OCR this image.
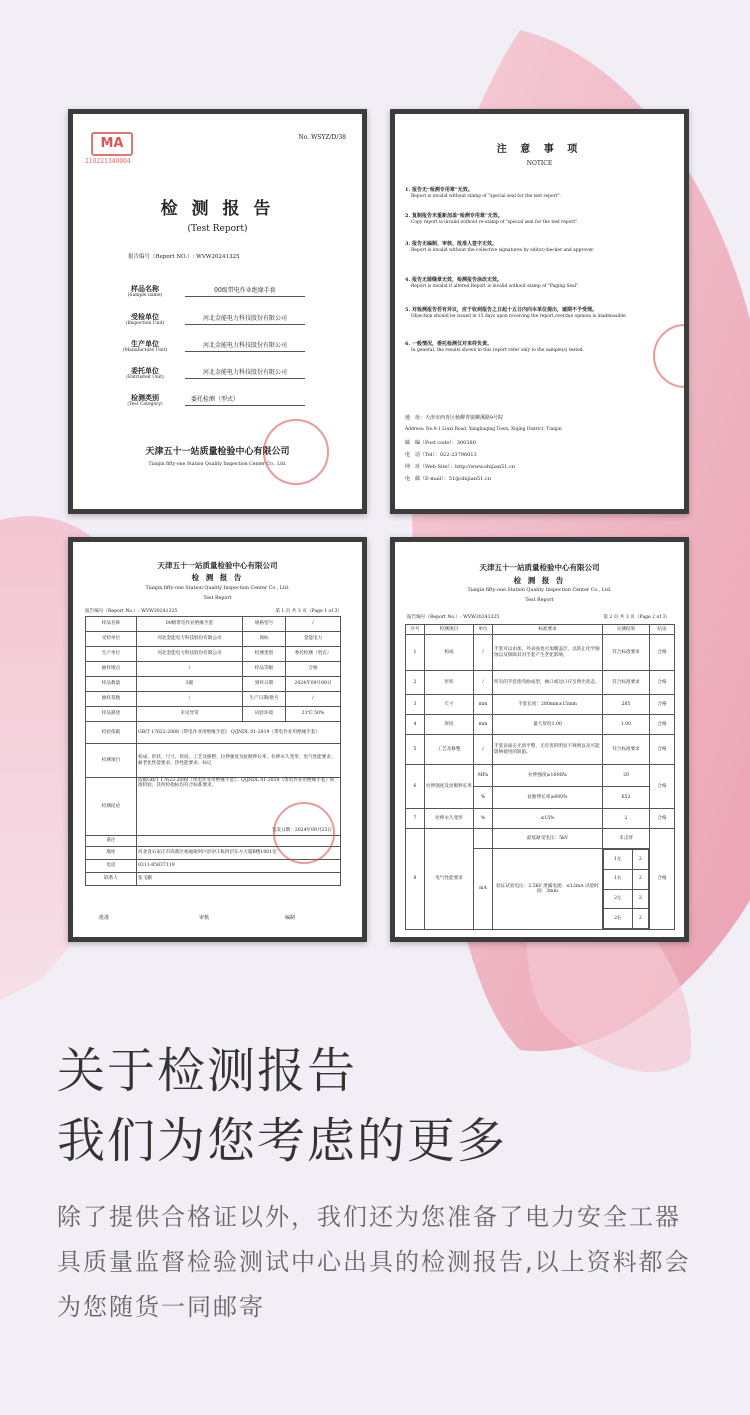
MA
210221340004
No. WSYZ/D/38
检 测 报 告
(Test Report)
报告编号（Report NO.）: WVW20241325
样品名称
(Sample name)
00级带电作业绝缘手套
受检单位
(Inspection Unit)
河北金能电力科技股份有限公司
生产单位
(Manufacture Unit)
河北金能电力科技股份有限公司
委托单位
(Entrusted Unit)
河北金能电力科技股份有限公司
检测类别
(Test Category)
委托检测（型式）
天津五十一站质量检验中心有限公司
Tianjin fifty-one Station Quality Inspection Center Co., Ltd.
注 意 事 项
NOTICE
1. 报告无“检测专用章”无效。
Report is invalid without stamp of "special seal for the test report".
2. 复制报告未重新加盖“检测专用章”无效。
Copy report is invalid without re-stamp of "special seal for the test report".
3. 报告无编制、审核、批准人签字无效。
Report is invalid without the collective signatures by editor,checker and approver.
4. 报告无骑缝章无效，检测报告涂改无效。
Report is invalid if altered.Report is invalid without stamp of "Paging Seal".
5. 对检测报告若有异议，应于收到报告之日起十五日内向本单位提出，逾期不予受理。
Objection should be issued in 15 days upon receiving the report,overdue opinion is inadmissible.
6. 一般情况，委托检测仅对来样负责。
In general, the results shown in this report refer only to the sample(s) tested.
地　址：天津市西青区杨柳青镇柳溪路9号院
Address: No.9-1 Liuxi Road, Yangliuqing Town, Xiqing District, Tianjin
邮　编（Post code）：300380
电　话（Tel）：022-23796013
网　址（Web Site）：http://www.shijian51.cn
电　邮（E-mail）：51@shijian51.cn
天津五十一站质量检验中心有限公司
检 测 报 告
Tianjin fifty-one Station Quality Inspection Center Co., Ltd.
Test Report
报告编号（Report No.）: WVW20241325	第 1 页 共 3 页（Page 1 of 3）
样品名称	00级带电作业绝缘手套	规格型号	/
受检单位	河北金能电力科技股份有限公司	商标	金能电力
生产单位	河北金能电力科技股份有限公司	检测类别	委托检测（型式）
抽样地点	/	样品等级	合格
样品数量	3副	到样日期	2024年09月09日
抽样基数	/	生产日期/批号	/
样品描述	未见异常	试验环境	21℃ 50%
检验依据	GB/T 17622-2008《带电作业用绝缘手套》 Q/JNDL 01-2019《带电作业用绝缘手套》		
检测项目	构成、形状、尺寸、厚度、工艺及修整、拉伸强度及扯断伸长率、拉伸永久变形、电气性能要求、耐老化性能要求、热性能要求、标记		
检测结论	依据GB/T 17622-2008《带电作业用绝缘手套》、Q/JNDL 01-2019《带电作业用绝缘手套》标准检验，其所检指标均符合标准要求。
签发日期：2024年09月23日		

备注			
地址	河北省石家庄市高新区裕通街95号四区1栋四层东方大厦B楼1001室		
电话	0311-85837119		
联系人	张飞鹏		
批准	审核	编制
天津五十一站质量检验中心有限公司
检 测 报 告
Tianjin fifty-one Station Quality Inspection Center Co., Ltd.
Test Report
报告编号（Report No.）: WVW20241325	第 2 页 共 3 页（Page 2 of 3）
序号	检测项目	单位	标准要求	实测结果	结论
1	构成	/	手套可以由加、外表面也可加覆盖层，以防止化学腐蚀以及保障其对手套产生老化影响。	符合标准要求	合格
2	形状	/	所有的手套指弯曲成型，袖口或边口应呈伸出状态。	符合标准要求	合格
3	尺寸	mm	手套长度：280mm±15mm	285	合格
4	厚度	mm	最大厚度1.00	1.00	合格
5	工艺及修整	/	手套表面应光滑平整，无有害的明显不规则以及可能影响使用的缺陷。	符合标准要求	合格
6	拉伸强度及扯断伸长率	MPa	拉伸强度≥16MPa	20	合格
%	扯断伸长率≥600%	652
7	拉伸永久变形	%	≤15%	2	合格
8	电气性能要求		最低耐受电压：5kV	未击穿	合格
mA	验证试验电压：2.5kV 泄漏电流：≤12mA 试验时间：3min	
1左	2
1右	2
2左	2
2右	2
关于检测报告
我们为您考虑的更多
除了提供合格证以外，我们还为您准备了电力安全工器具质量监督检验测试中心出具的检测报告,以上资料都会为您随货一同邮寄
